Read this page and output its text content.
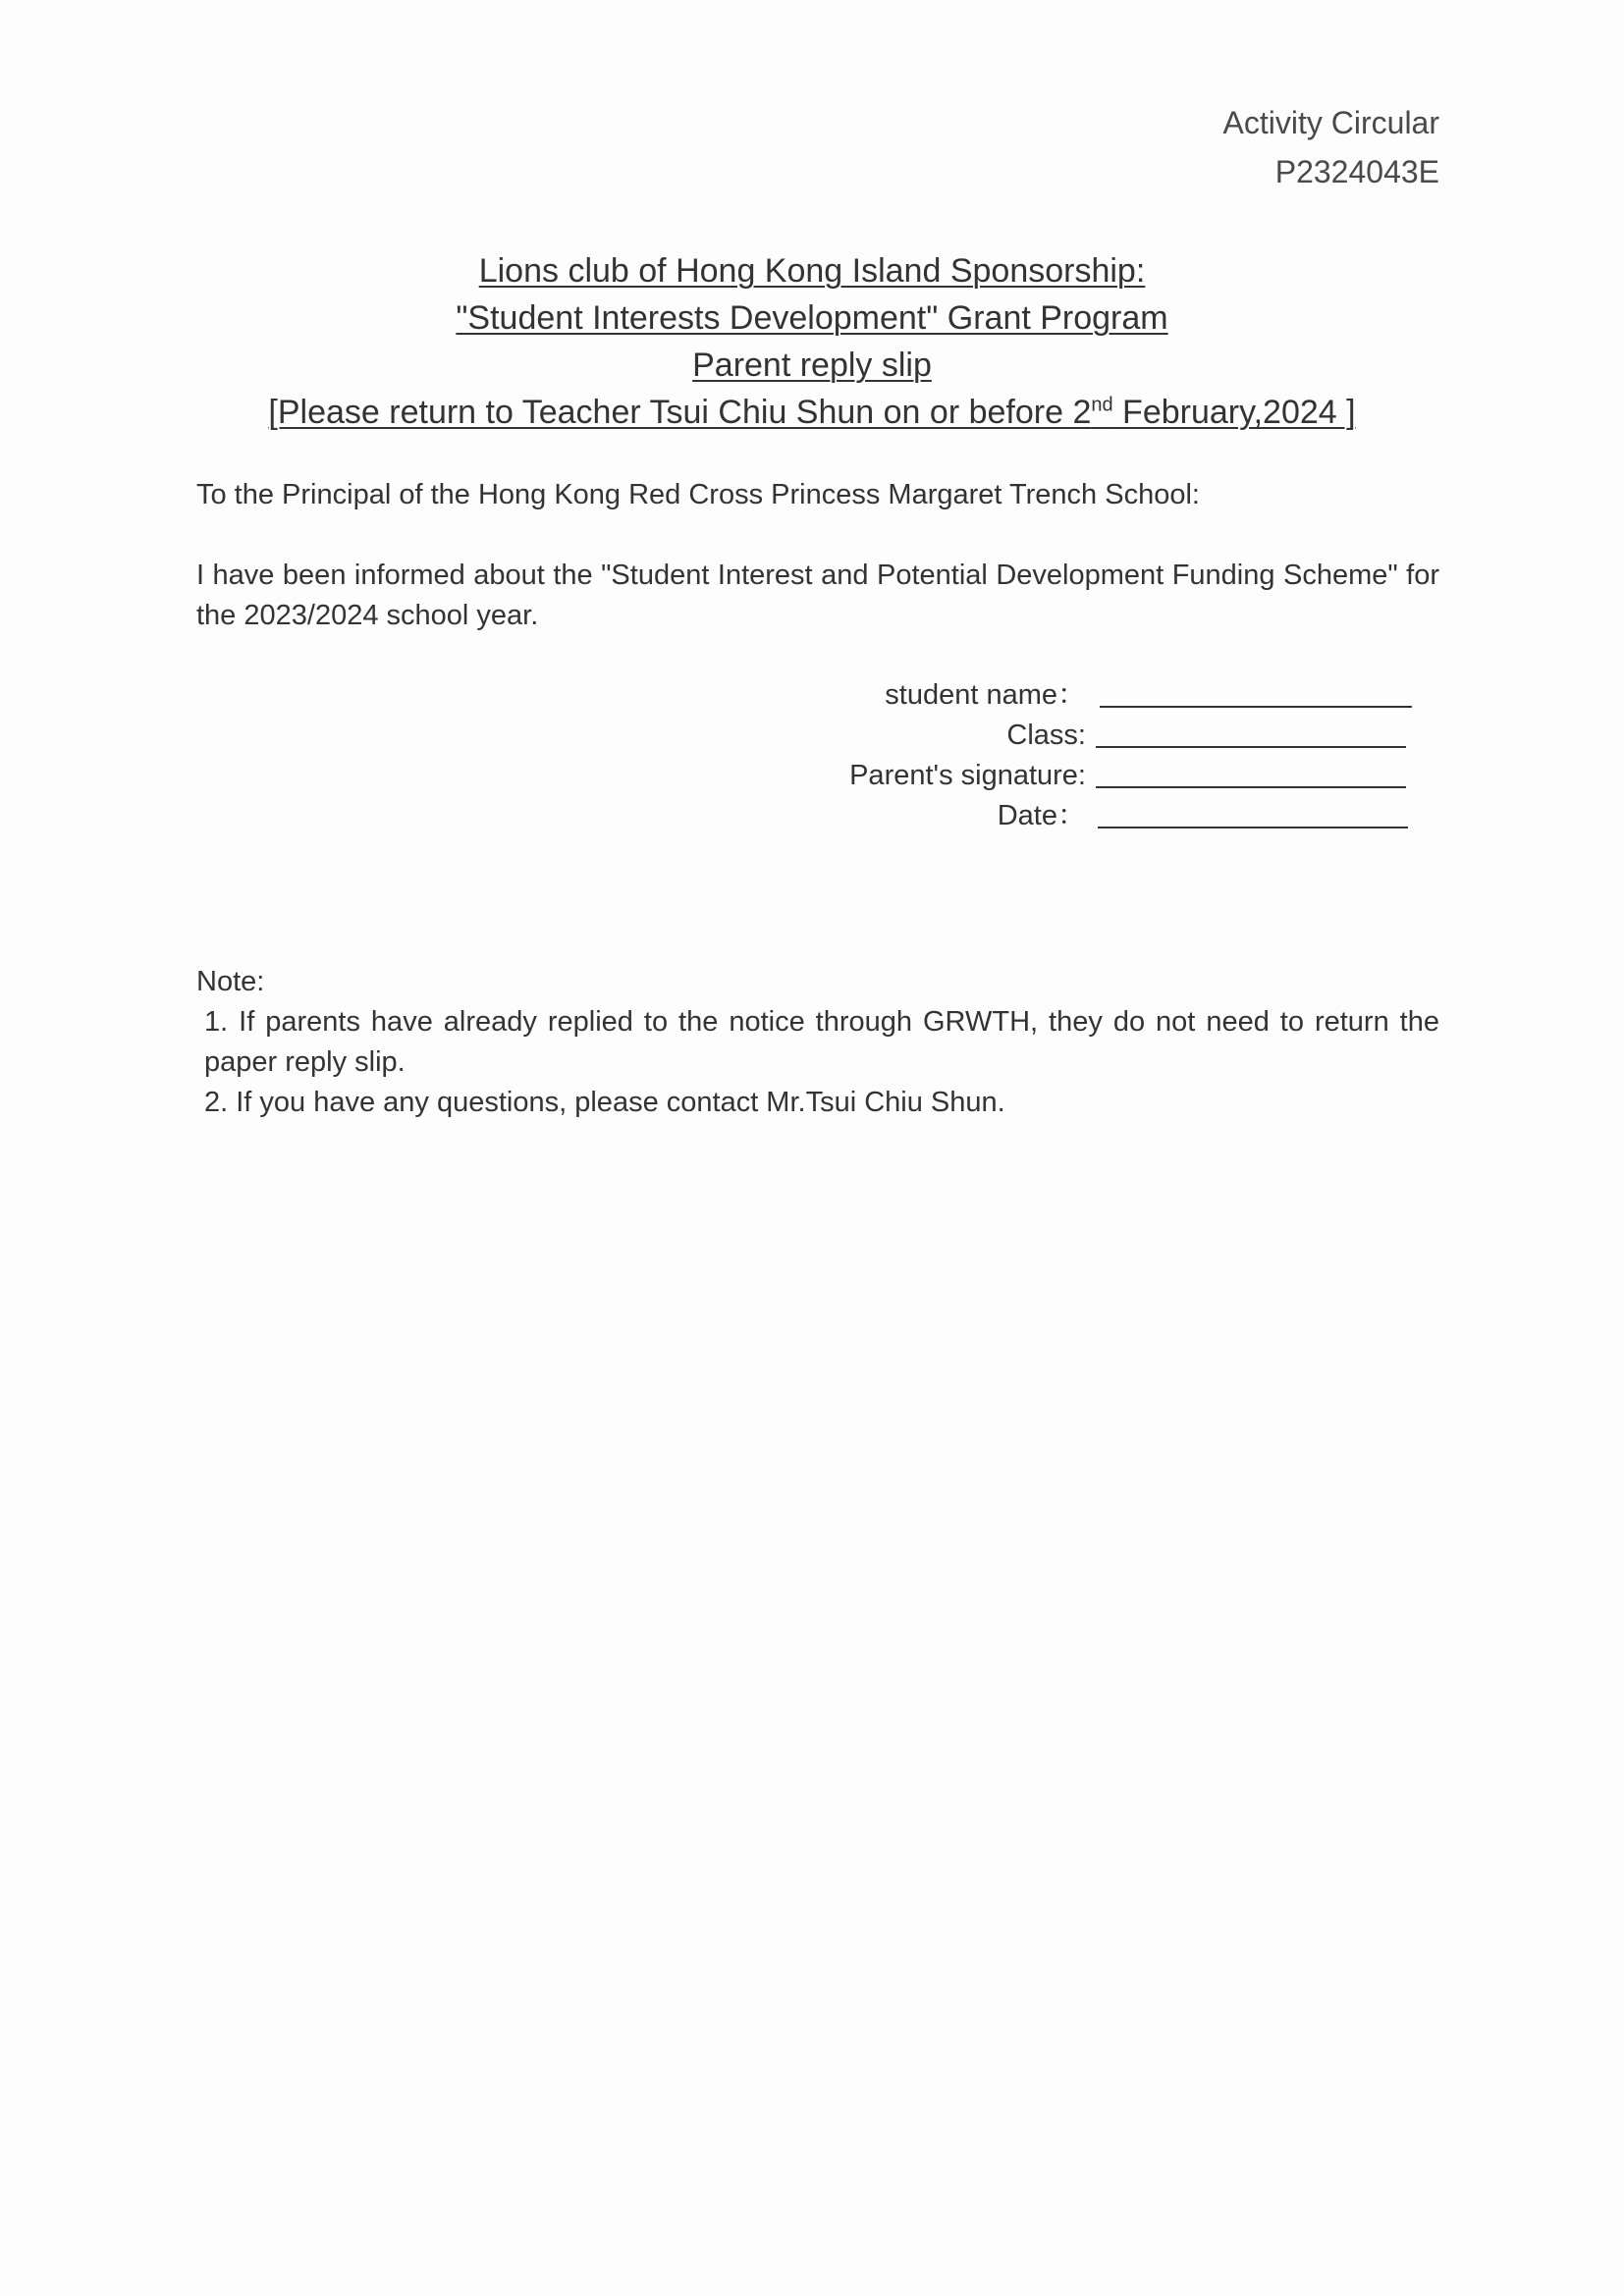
Activity Circular
P2324043E
Lions club of Hong Kong Island Sponsorship:
"Student Interests Development" Grant Program
Parent reply slip
[Please return to Teacher Tsui Chiu Shun on or before 2nd February,2024 ]
To the Principal of the Hong Kong Red Cross Princess Margaret Trench School:
I have been informed about the "Student Interest and Potential Development Funding Scheme" for the 2023/2024 school year.
student name：
Class:
Parent's signature:
Date：
Note:
1. If parents have already replied to the notice through GRWTH, they do not need to return the paper reply slip.
2. If you have any questions, please contact Mr.Tsui Chiu Shun.
